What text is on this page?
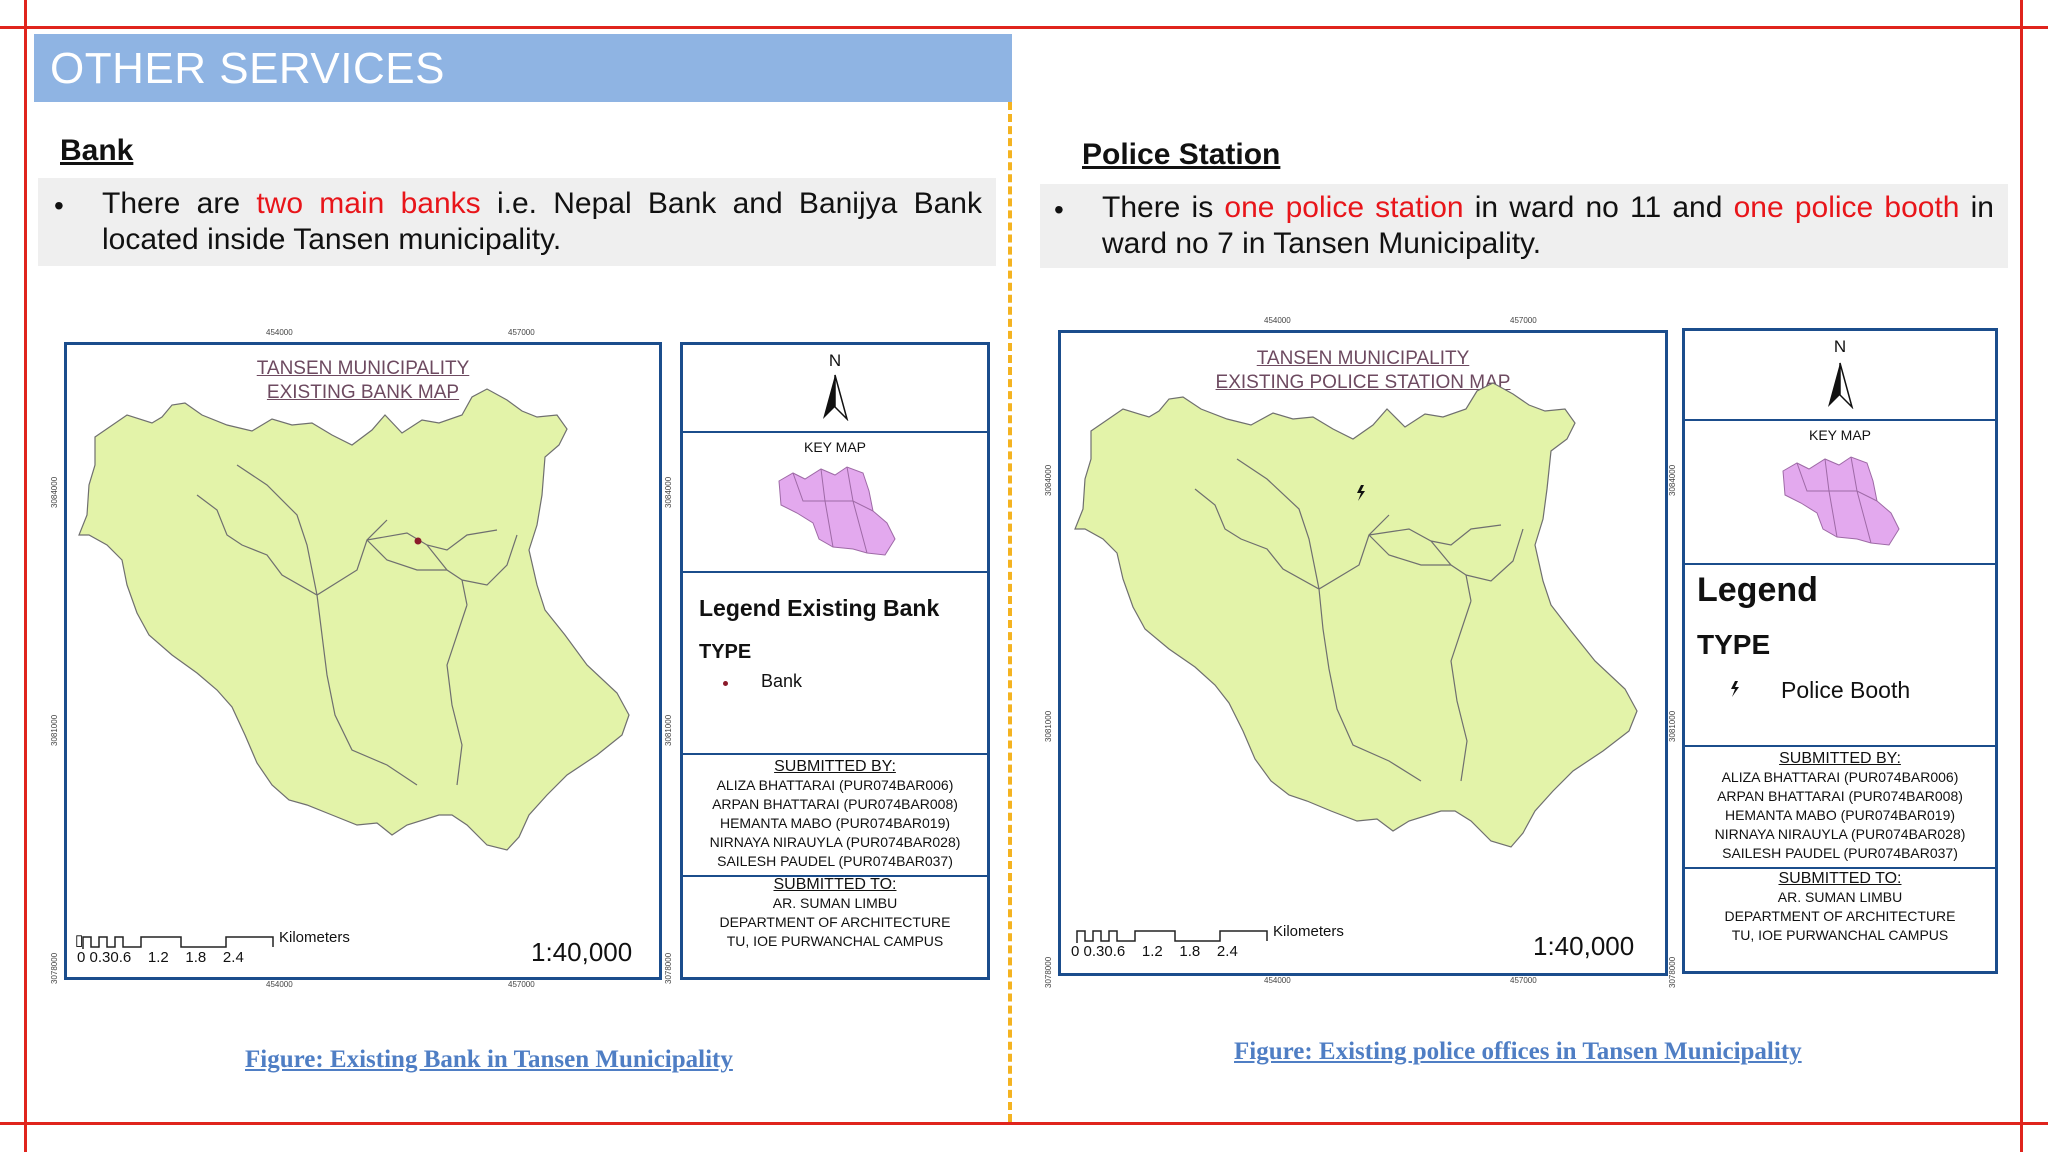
OTHER SERVICES
Bank
• There are two main banks i.e. Nepal Bank and Banijya Bank located inside Tansen municipality.
TANSEN MUNICIPALITY
EXISTING BANK MAP
▯	Kilometers
0 0.30.6    1.2    1.8    2.4	1:40,000
454000	457000
454000	457000
3084000
3081000
3078000
3084000
3081000
3078000
N
KEY MAP
Legend Existing Bank
TYPE
Bank
SUBMITTED BY:
ALIZA BHATTARAI (PUR074BAR006)
ARPAN BHATTARAI (PUR074BAR008)
HEMANTA MABO (PUR074BAR019)
NIRNAYA NIRAUYLA (PUR074BAR028)
SAILESH PAUDEL (PUR074BAR037)
SUBMITTED TO:
AR. SUMAN LIMBU
DEPARTMENT OF ARCHITECTURE
TU, IOE PURWANCHAL CAMPUS
Figure: Existing Bank in Tansen Municipality
Police Station
• There is one police station in ward no 11 and one police booth in ward no 7 in Tansen Municipality.
TANSEN MUNICIPALITY
EXISTING POLICE STATION MAP
Kilometers
0 0.30.6    1.2    1.8    2.4	1:40,000
454000	457000
454000	457000
3084000
3081000
3078000
3084000
3081000
3078000
N
KEY MAP
Legend
TYPE
Police Booth
SUBMITTED BY:
ALIZA BHATTARAI (PUR074BAR006)
ARPAN BHATTARAI (PUR074BAR008)
HEMANTA MABO (PUR074BAR019)
NIRNAYA NIRAUYLA (PUR074BAR028)
SAILESH PAUDEL (PUR074BAR037)
SUBMITTED TO:
AR. SUMAN LIMBU
DEPARTMENT OF ARCHITECTURE
TU, IOE PURWANCHAL CAMPUS
Figure: Existing police offices in Tansen Municipality
